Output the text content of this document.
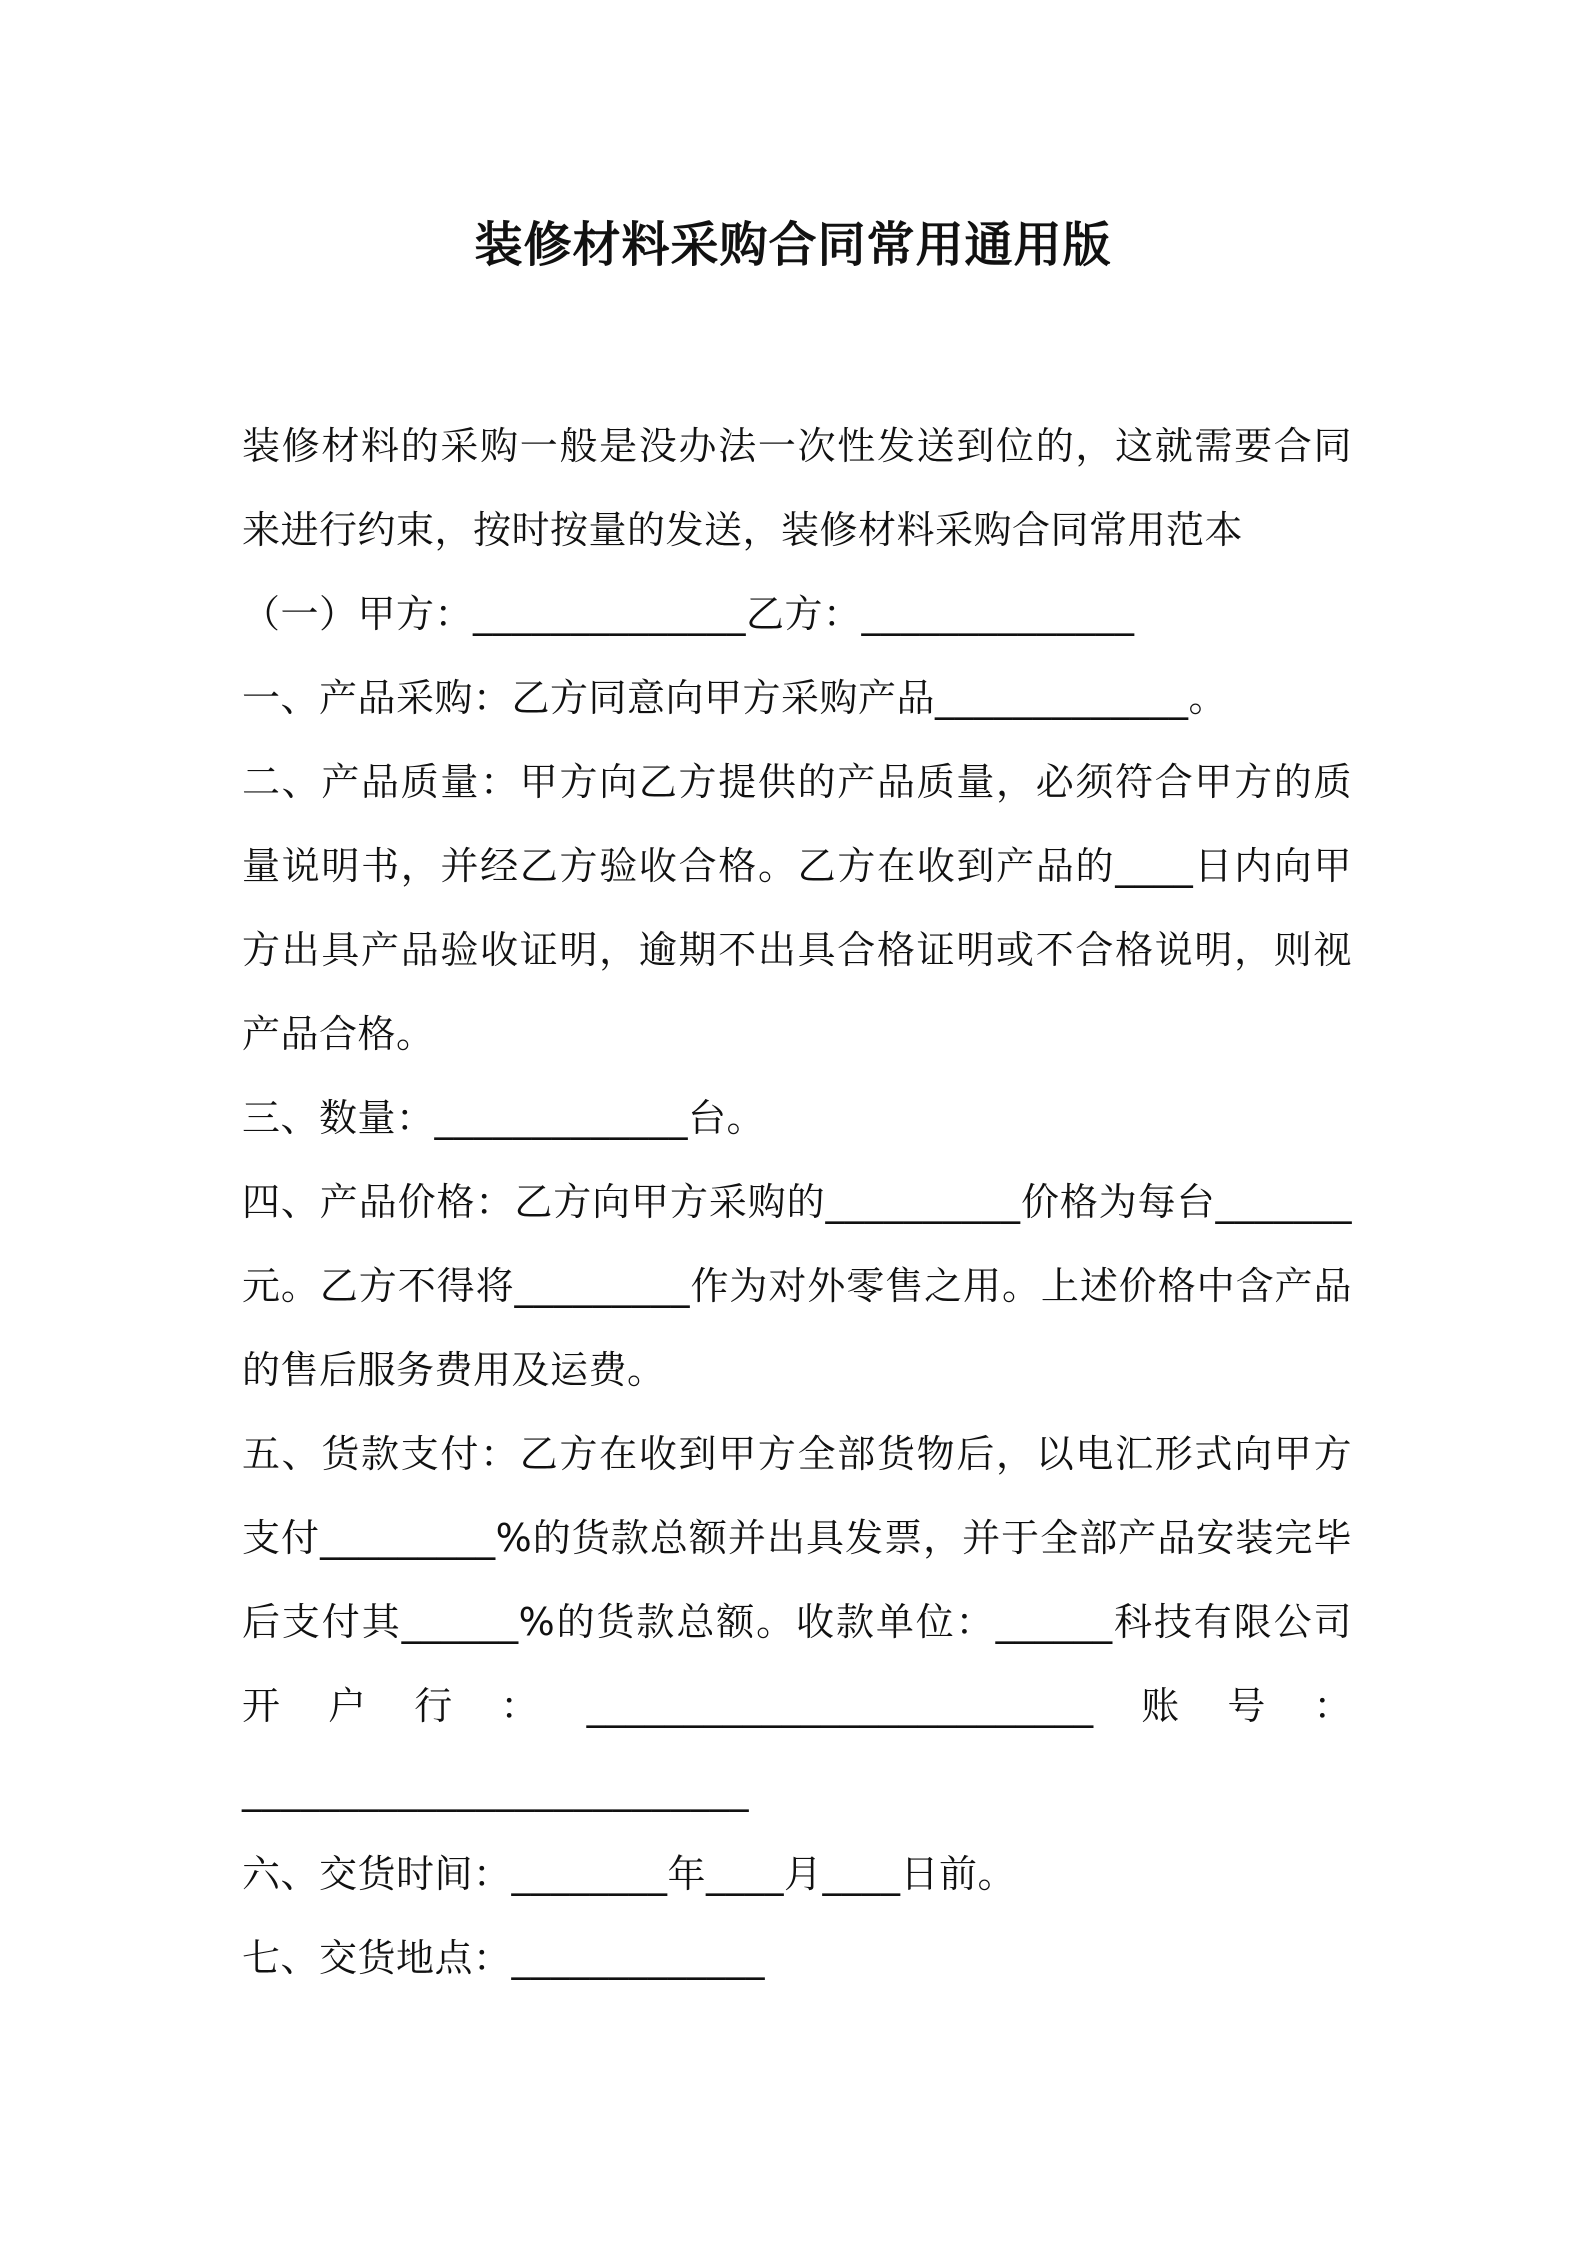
装修材料采购合同常用通用版

装修材料的采购一般是没办法一次性发送到位的，这就需要合同来进行约束，按时按量的发送，装修材料采购合同常用范本

（一）甲方：______________乙方：______________

一、产品采购：乙方同意向甲方采购产品_____________。

二、产品质量：甲方向乙方提供的产品质量，必须符合甲方的质量说明书，并经乙方验收合格。乙方在收到产品的____日内向甲方出具产品验收证明，逾期不出具合格证明或不合格说明，则视产品合格。

三、数量：_____________台。

四、产品价格：乙方向甲方采购的__________价格为每台_______元。乙方不得将_________作为对外零售之用。上述价格中含产品的售后服务费用及运费。

五、货款支付：乙方在收到甲方全部货物后，以电汇形式向甲方支付_________%的货款总额并出具发票，并于全部产品安装完毕后支付其______%的货款总额。收款单位：______科技有限公司开户行：__________________________账号：

__________________________

六、交货时间：________年____月____日前。

七、交货地点：_____________
